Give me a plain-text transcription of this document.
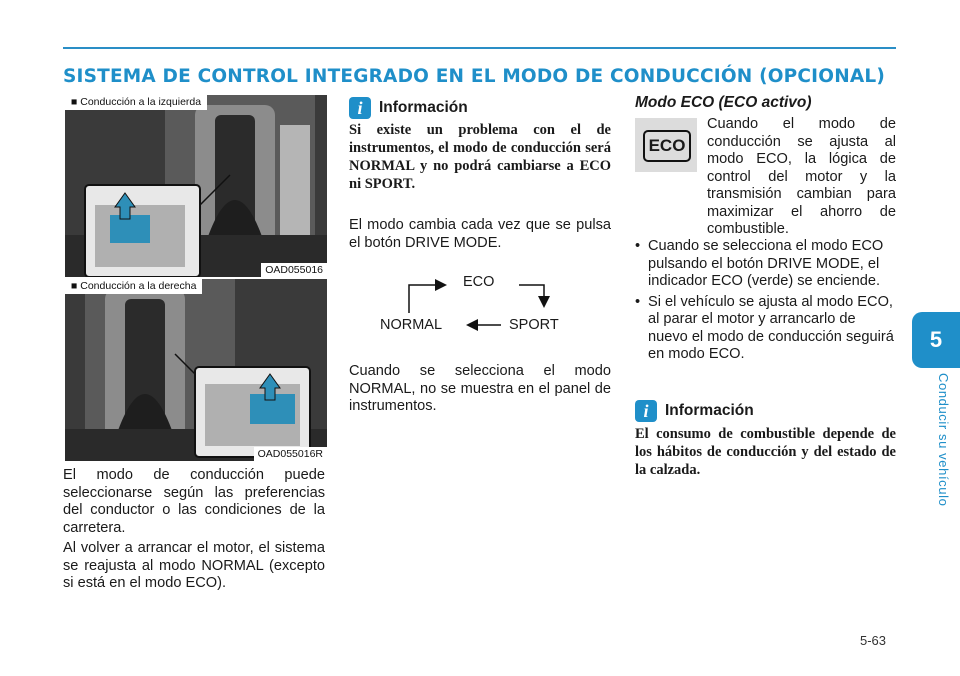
SISTEMA DE CONTROL INTEGRADO EN EL MODO DE CONDUCCIÓN (OPCIONAL)
5
Conducir su vehículo
■ Conducción a la izquierda
OAD055016
■ Conducción a la derecha
OAD055016R

El modo de conducción puede seleccionarse según las preferencias del conductor o las condiciones de la carretera.

Al volver a arrancar el motor, el sistema se reajusta al modo NORMAL (excepto si está en el modo ECO).

i	Información

Si existe un problema con el de instrumentos, el modo de conducción será NORMAL y no podrá cambiarse a ECO ni SPORT.

El modo cambia cada vez que se pulsa el botón DRIVE MODE.

ECO
NORMAL	SPORT

Cuando se selecciona el modo NORMAL, no se muestra en el panel de instrumentos.

Modo ECO (ECO activo)
ECO

Cuando el modo de conducción se ajusta al modo ECO, la lógica de control del motor y la transmisión cambian para maximizar el ahorro de combustible.

• Cuando se selecciona el modo ECO pulsando el botón DRIVE MODE, el indicador ECO (verde) se enciende.
• Si el vehículo se ajusta al modo ECO, al parar el motor y arrancarlo de nuevo el modo de conducción seguirá en modo ECO.
i	Información

El consumo de combustible depende de los hábitos de conducción y del estado de la calzada.

5-63
